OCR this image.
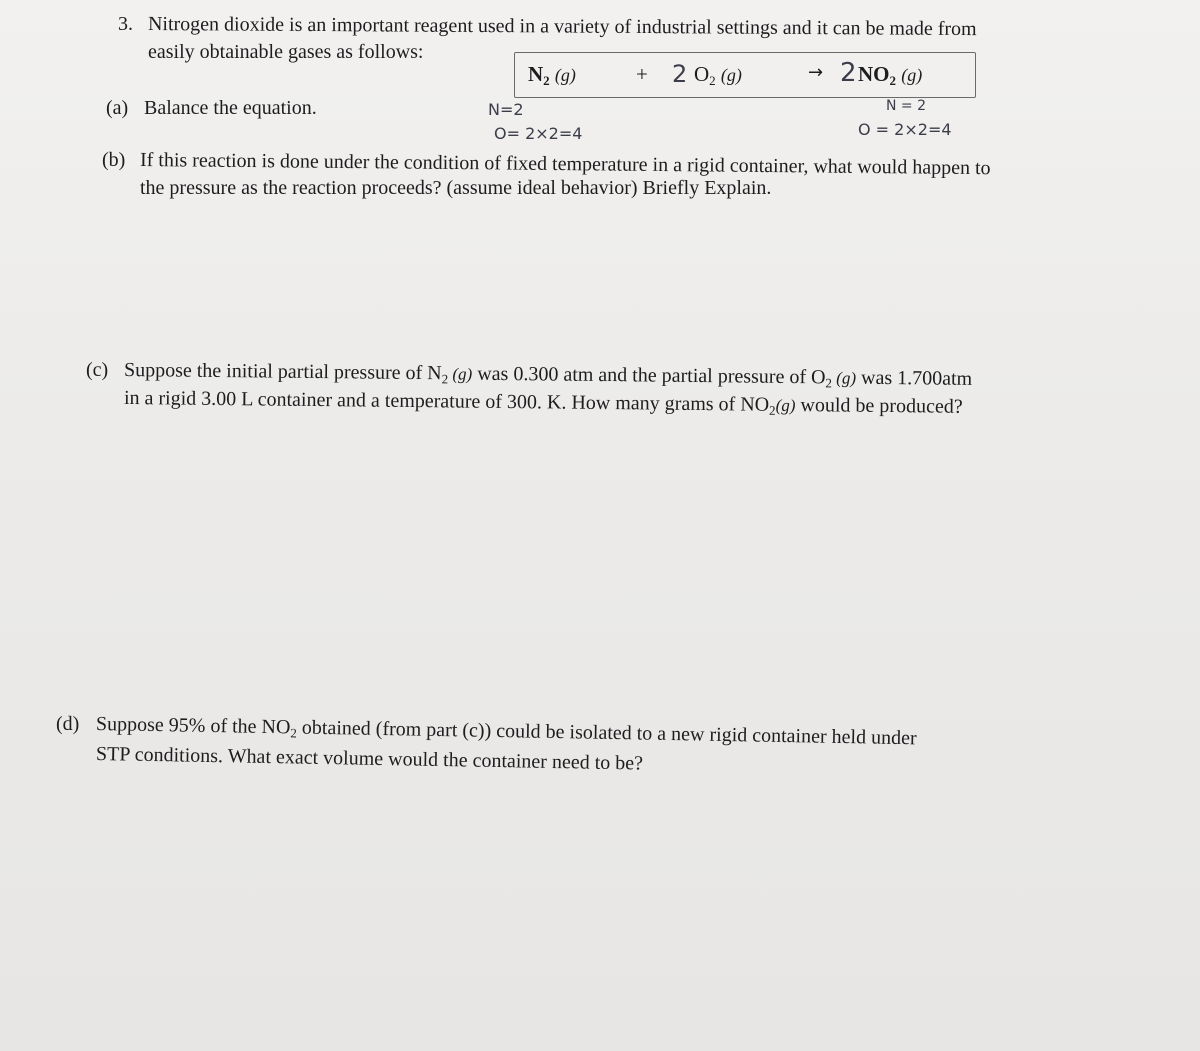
3. Nitrogen dioxide is an important reagent used in a variety of industrial settings and it can be made from
easily obtainable gases as follows:
$N_2$ (g)	+ 2 $O_2$ (g)	→ 2 $NO_2$ (g)
(a) Balance the equation.	N=2
O= 2×2=4
N = 2
O = 2×2=4
(b) If this reaction is done under the condition of fixed temperature in a rigid container, what would happen to
the pressure as the reaction proceeds? (assume ideal behavior) Briefly Explain.
(c) Suppose the initial partial pressure of $N_2$ (g) was 0.300 atm and the partial pressure of $O_2$ (g) was 1.700atm
in a rigid 3.00 L container and a temperature of 300. K. How many grams of $NO_2(g)$ would be produced?
(d) Suppose 95% of the $NO_2$ obtained (from part (c)) could be isolated to a new rigid container held under
STP conditions. What exact volume would the container need to be?
